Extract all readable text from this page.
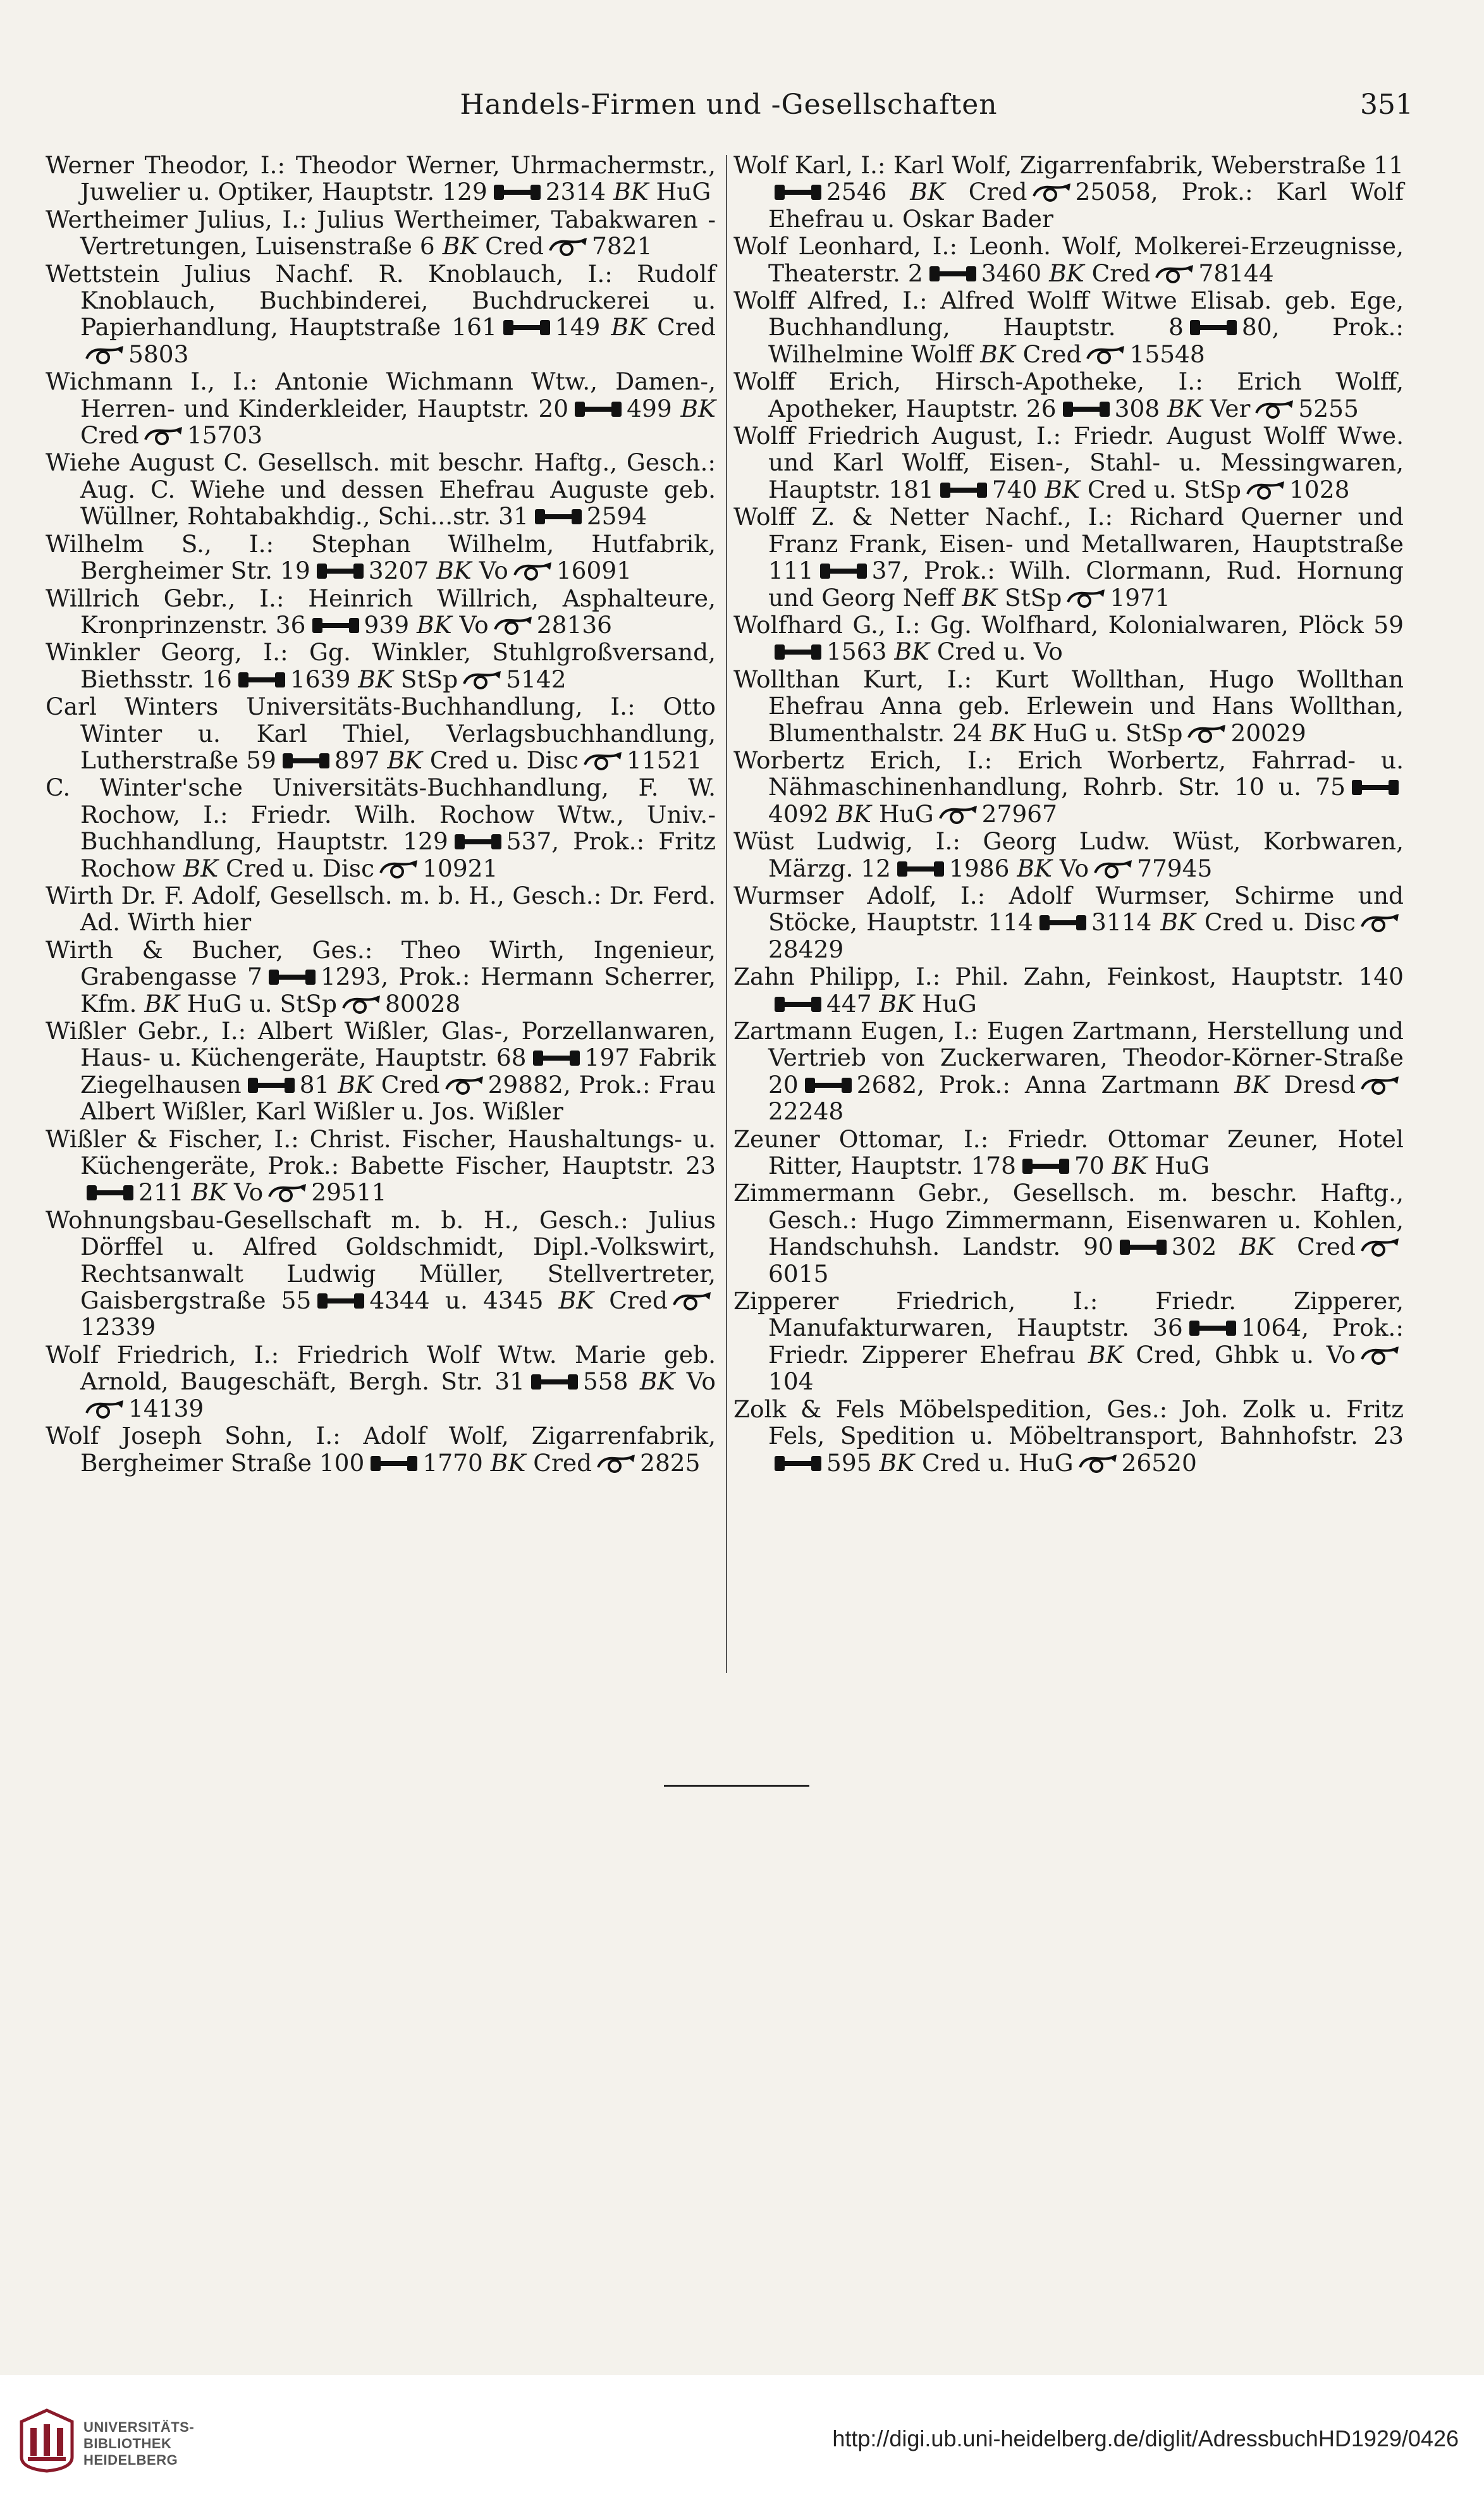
Handels-Firmen und -Gesellschaften	351

Werner Theodor, I.: Theodor Werner, Uhrmachermstr., Juwelier u. Optiker, Hauptstr. 129 2314 BK HuG

Wertheimer Julius, I.: Julius Wertheimer, Tabakwaren - Vertretungen, Luisenstraße 6 BK Cred 7821

Wettstein Julius Nachf. R. Knoblauch, I.: Rudolf Knoblauch, Buchbinderei, Buchdruckerei u. Papierhandlung, Hauptstraße 161 149 BK Cred5803

Wichmann I., I.: Antonie Wichmann Wtw., Damen-, Herren- und Kinderkleider, Hauptstr. 20 499 BK Cred 15703

Wiehe August C. Gesellsch. mit beschr. Haftg., Gesch.: Aug. C. Wiehe und dessen Ehefrau Auguste geb. Wüllner, Rohtabakhdig., Schi...str. 31 2594

Wilhelm S., I.: Stephan Wilhelm, Hutfabrik, Bergheimer Str. 19 3207 BK Vo 16091

Willrich Gebr., I.: Heinrich Willrich, Asphalteure, Kronprinzenstr. 36 939 BK Vo 28136

Winkler Georg, I.: Gg. Winkler, Stuhlgroßversand, Biethsstr. 16 1639 BK StSp 5142

Carl Winters Universitäts-Buchhandlung, I.: Otto Winter u. Karl Thiel, Verlagsbuchhandlung, Lutherstraße 59 897 BK Cred u. Disc 11521

C. Winter'sche Universitäts-Buchhandlung, F. W. Rochow, I.: Friedr. Wilh. Rochow Wtw., Univ.-Buchhandlung, Hauptstr. 129 537, Prok.: Fritz Rochow BK Cred u. Disc 10921

Wirth Dr. F. Adolf, Gesellsch. m. b. H., Gesch.: Dr. Ferd. Ad. Wirth hier

Wirth & Bucher, Ges.: Theo Wirth, Ingenieur, Grabengasse 7 1293, Prok.: Hermann Scherrer, Kfm. BK HuG u. StSp 80028

Wißler Gebr., I.: Albert Wißler, Glas-, Porzellanwaren, Haus- u. Küchengeräte, Hauptstr. 68 197 Fabrik Ziegelhausen 81 BK Cred 29882, Prok.: Frau Albert Wißler, Karl Wißler u. Jos. Wißler

Wißler & Fischer, I.: Christ. Fischer, Haushaltungs- u. Küchengeräte, Prok.: Babette Fischer, Hauptstr. 23211 BK Vo 29511

Wohnungsbau-Gesellschaft m. b. H., Gesch.: Julius Dörffel u. Alfred Goldschmidt, Dipl.-Volkswirt, Rechtsanwalt Ludwig Müller, Stellvertreter, Gaisbergstraße 55 4344 u. 4345 BK Cred12339

Wolf Friedrich, I.: Friedrich Wolf Wtw. Marie geb. Arnold, Baugeschäft, Bergh. Str. 31 558 BK Vo14139

Wolf Joseph Sohn, I.: Adolf Wolf, Zigarrenfabrik, Bergheimer Straße 100 1770 BK Cred 2825

Wolf Karl, I.: Karl Wolf, Zigarrenfabrik, Weberstraße 112546 BK Cred 25058, Prok.: Karl Wolf Ehefrau u. Oskar Bader

Wolf Leonhard, I.: Leonh. Wolf, Molkerei-Erzeugnisse, Theaterstr. 2 3460 BK Cred 78144

Wolff Alfred, I.: Alfred Wolff Witwe Elisab. geb. Ege, Buchhandlung, Hauptstr. 8 80, Prok.: Wilhelmine Wolff BK Cred 15548

Wolff Erich, Hirsch-Apotheke, I.: Erich Wolff, Apotheker, Hauptstr. 26 308 BK Ver 5255

Wolff Friedrich August, I.: Friedr. August Wolff Wwe. und Karl Wolff, Eisen-, Stahl- u. Messingwaren, Hauptstr. 181 740 BK Cred u. StSp 1028

Wolff Z. & Netter Nachf., I.: Richard Querner und Franz Frank, Eisen- und Metallwaren, Hauptstraße 111 37, Prok.: Wilh. Clormann, Rud. Hornung und Georg Neff BK StSp 1971

Wolfhard G., I.: Gg. Wolfhard, Kolonialwaren, Plöck 591563 BK Cred u. Vo

Wollthan Kurt, I.: Kurt Wollthan, Hugo Wollthan Ehefrau Anna geb. Erlewein und Hans Wollthan, Blumenthalstr. 24 BK HuG u. StSp 20029

Worbertz Erich, I.: Erich Worbertz, Fahrrad- u. Nähmaschinenhandlung, Rohrb. Str. 10 u. 754092 BK HuG 27967

Wüst Ludwig, I.: Georg Ludw. Wüst, Korbwaren, Märzg. 12 1986 BK Vo 77945

Wurmser Adolf, I.: Adolf Wurmser, Schirme und Stöcke, Hauptstr. 114 3114 BK Cred u. Disc28429

Zahn Philipp, I.: Phil. Zahn, Feinkost, Hauptstr. 140447 BK HuG

Zartmann Eugen, I.: Eugen Zartmann, Herstellung und Vertrieb von Zuckerwaren, Theodor-Körner-Straße 20 2682, Prok.: Anna Zartmann BK Dresd22248

Zeuner Ottomar, I.: Friedr. Ottomar Zeuner, Hotel Ritter, Hauptstr. 178 70 BK HuG

Zimmermann Gebr., Gesellsch. m. beschr. Haftg., Gesch.: Hugo Zimmermann, Eisenwaren u. Kohlen, Handschuhsh. Landstr. 90 302 BK Cred6015

Zipperer Friedrich, I.: Friedr. Zipperer, Manufakturwaren, Hauptstr. 36 1064, Prok.: Friedr. Zipperer Ehefrau BK Cred, Ghbk u. Vo104

Zolk & Fels Möbelspedition, Ges.: Joh. Zolk u. Fritz Fels, Spedition u. Möbeltransport, Bahnhofstr. 23595 BK Cred u. HuG 26520

UNIVERSITÄTS-
BIBLIOTHEK
HEIDELBERG
http://digi.ub.uni-heidelberg.de/diglit/AdressbuchHD1929/0426
